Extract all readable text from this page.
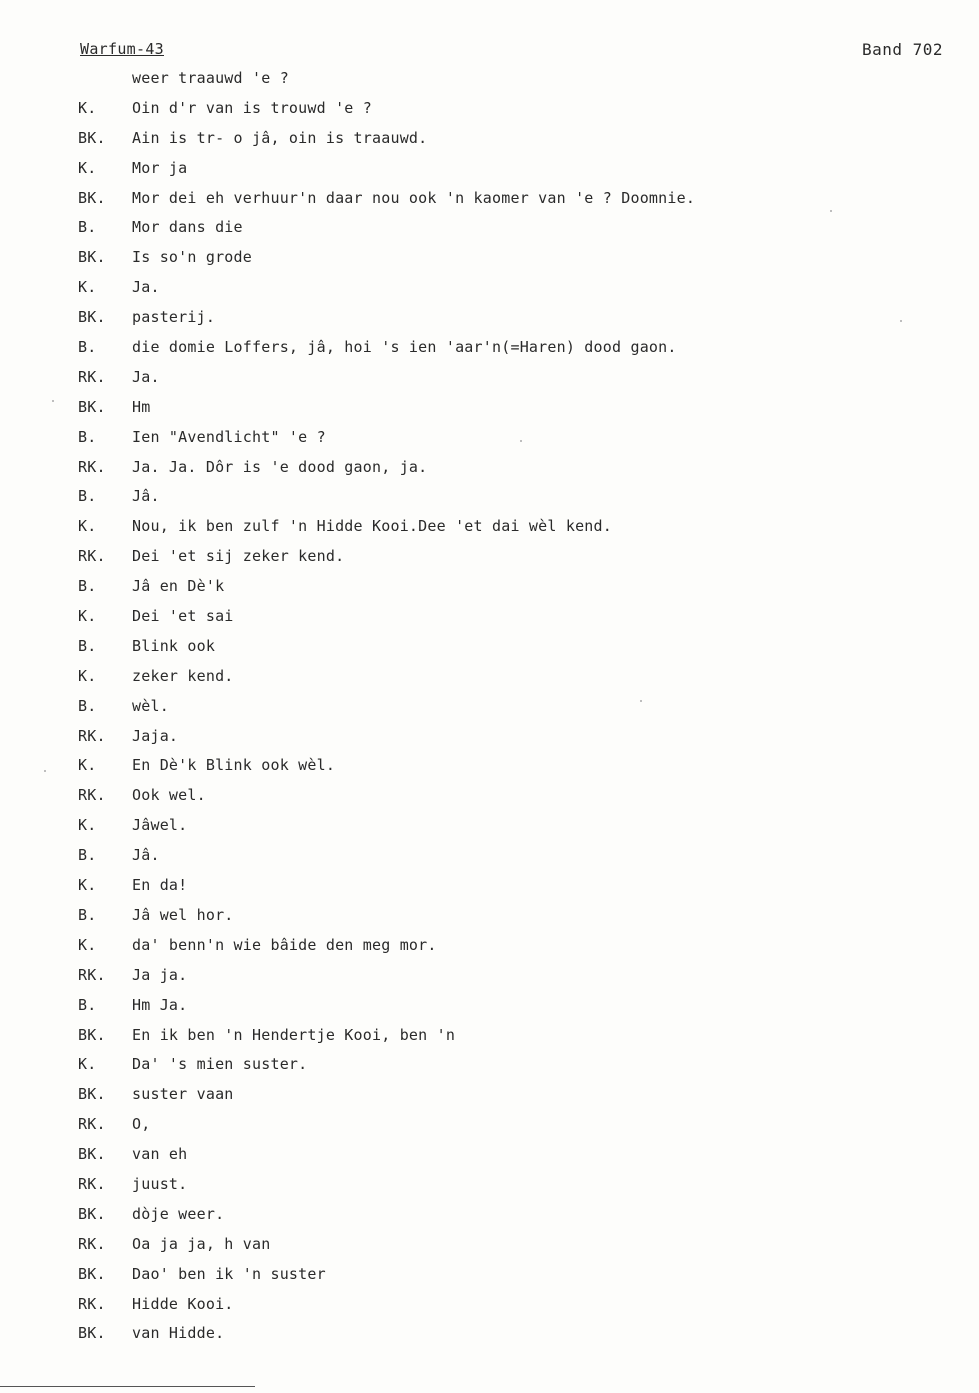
Warfum-43	Band 702
weer traauwd 'e ?
K.	Oin d'r van is trouwd 'e ?
BK.	Ain is tr- o jâ, oin is traauwd.
K.	Mor ja
BK.	Mor dei eh verhuur'n daar nou ook 'n kaomer van 'e ? Doomnie.
B.	Mor dans die
BK.	Is so'n grode
K.	Ja.
BK.	pasterij.
B.	die domie Loffers, jâ, hoi 's ien 'aar'n(=Haren) dood gaon.
RK.	Ja.
BK.	Hm
B.	Ien "Avendlicht" 'e ?
RK.	Ja. Ja. Dôr is 'e dood gaon, ja.
B.	Jâ.
K.	Nou, ik ben zulf 'n Hidde Kooi.Dee 'et dai wèl kend.
RK.	Dei 'et sij zeker kend.
B.	Jâ en Dè'k
K.	Dei 'et sai
B.	Blink ook
K.	zeker kend.
B.	wèl.
RK.	Jaja.
K.	En Dè'k Blink ook wèl.
RK.	Ook wel.
K.	Jâwel.
B.	Jâ.
K.	En da!
B.	Jâ wel hor.
K.	da' benn'n wie bâide den meg mor.
RK.	Ja ja.
B.	Hm Ja.
BK.	En ik ben 'n Hendertje Kooi, ben 'n
K.	Da' 's mien suster.
BK.	suster vaan
RK.	O,
BK.	van eh
RK.	juust.
BK.	dòje weer.
RK.	Oa ja ja, h van
BK.	Dao' ben ik 'n suster
RK.	Hidde Kooi.
BK.	van Hidde.
